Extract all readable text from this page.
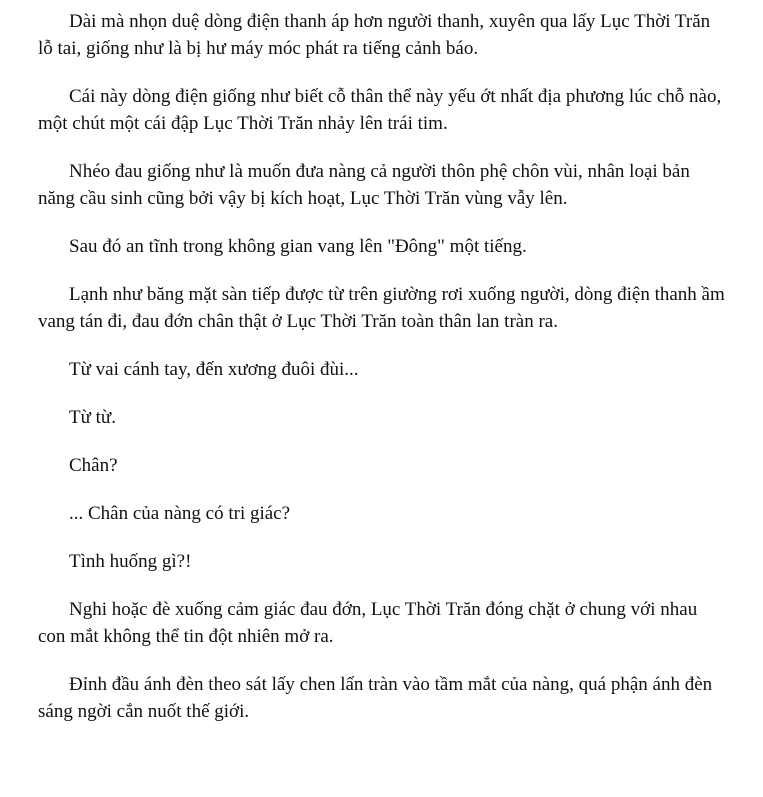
Dài mà nhọn duệ dòng điện thanh áp hơn người thanh, xuyên qua lấy Lục Thời Trăn lỗ tai, giống như là bị hư máy móc phát ra tiếng cảnh báo.

Cái này dòng điện giống như biết cỗ thân thể này yếu ớt nhất địa phương lúc chỗ nào, một chút một cái đập Lục Thời Trăn nhảy lên trái tim.

Nhéo đau giống như là muốn đưa nàng cả người thôn phệ chôn vùi, nhân loại bản năng cầu sinh cũng bởi vậy bị kích hoạt, Lục Thời Trăn vùng vẫy lên.

Sau đó an tĩnh trong không gian vang lên "Đông" một tiếng.

Lạnh như băng mặt sàn tiếp được từ trên giường rơi xuống người, dòng điện thanh ầm vang tán đi, đau đớn chân thật ở Lục Thời Trăn toàn thân lan tràn ra.

Từ vai cánh tay, đến xương đuôi đùi...

Từ từ.

Chân?

... Chân của nàng có tri giác?

Tình huống gì?!

Nghi hoặc đè xuống cảm giác đau đớn, Lục Thời Trăn đóng chặt ở chung với nhau con mắt không thể tin đột nhiên mở ra.

Đỉnh đầu ánh đèn theo sát lấy chen lấn tràn vào tầm mắt của nàng, quá phận ánh đèn sáng ngời cắn nuốt thế giới.
